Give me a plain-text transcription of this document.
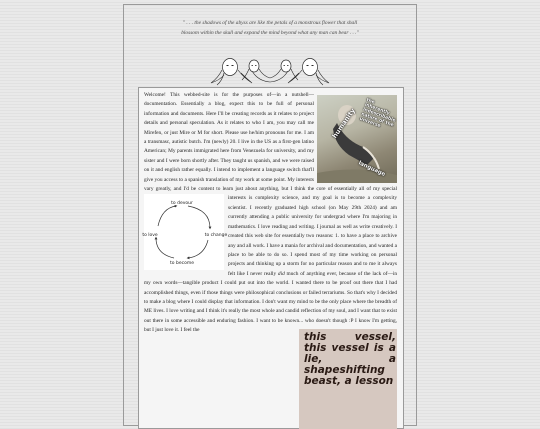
" . . . the shadows of the abyss are like the petals of a monstrous flower that shall
blossom within the skull and expand the mind beyond what any man can bear . . ."

humanity
the inherently indescribable nature of the universe
language
Welcome! This webbed-site is for the purposes of—in a nutshell—documentation. Essentially a blog, expect this to be full of personal information and documents. Here I'll be creating records as it relates to project details and personal speculation. As it relates to who I am, you may call me Mirefen, or just Mire or M for short. Please use he/him pronouns for me. I am a transmasc, autistic butch. I'm (newly) 20. I live in the US as a first-gen latino American; My parents immigrated here from Venezuela for university, and my sister and I were born shortly after. They taught us spanish, and we were raised on it and english rather equally. I intend to implement a language switch that'll give you access to a spanish translation of my work at some point. My interests vary greatly, and I'd be content to learn just about anything, but I think the core of essentially all of my special interests is complexity science, and my goal is
to devour
to change
to become
to love
to become a complexity scientist. I recently graduated high school (on May 29th 2024) and am currently attending a public university for undergrad where I'm majoring in mathematics. I love reading and writing. I journal as well as write creatively. I created this web site for essentially two reasons: 1. to have a place to archive any and all work. I have a mania for archival and documentation, and wanted a place to be able to do so. I spend most of my time working on personal projects and thinking up a storm for no particular reason and to me it always felt like I never really did much of anything ever, because of the lack of—in my own words—tangible product I could put out into the world. I wanted there to be proof out there that I had accomplished things, even if those things were philosophical conclusions or failed terrariums. So that's why I decided to make a blog where I could display that information. I don't want my mind to be the only place where the breadth of ME lives. I love writing and I think it's really the most whole and candid reflection of my soul, and I want that to exist out there in some accessible and enduring fashion. I want to be known... who doesn't though :P I know I'm getting, but I just love it. I feel the
this vessel, this vessel is a lie, a shapeshifting beast, a lesson
